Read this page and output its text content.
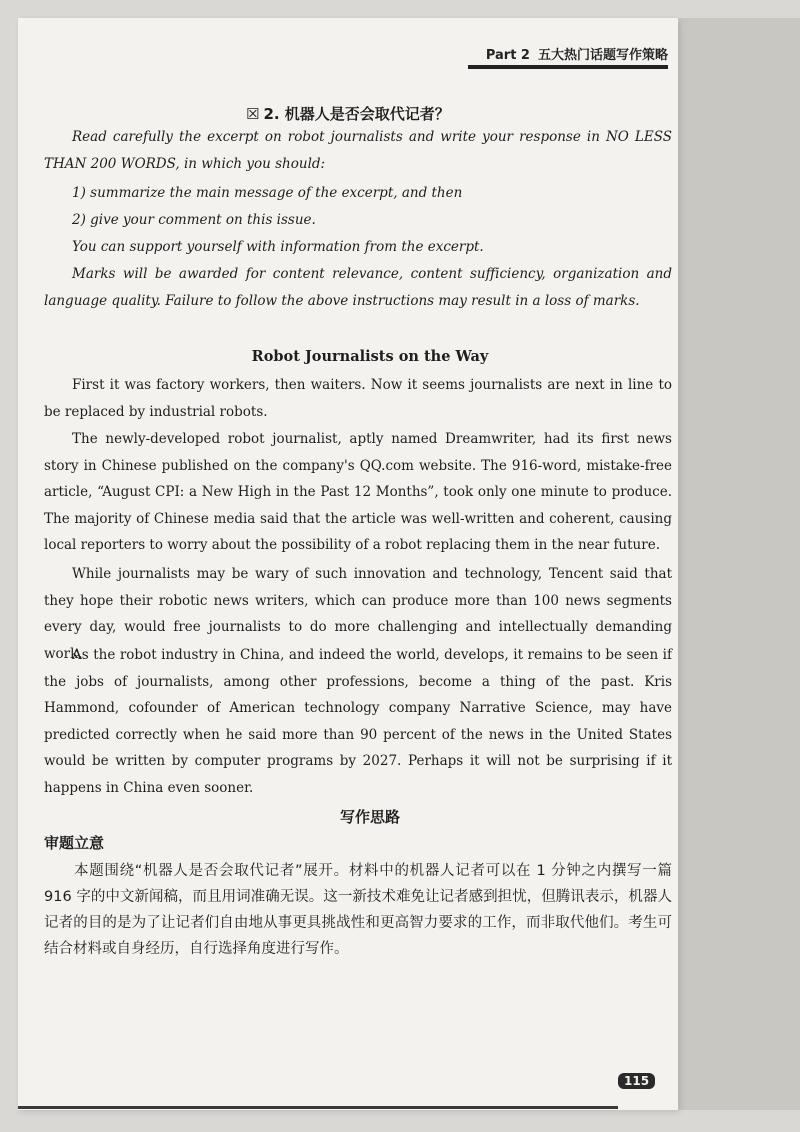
Part 2 五大热门话题写作策略
☒ 2. 机器人是否会取代记者？
Read carefully the excerpt on robot journalists and write your response in NO LESS THAN 200 WORDS, in which you should:
1) summarize the main message of the excerpt, and then
2) give your comment on this issue.
You can support yourself with information from the excerpt.
Marks will be awarded for content relevance, content sufficiency, organization and language quality. Failure to follow the above instructions may result in a loss of marks.
Robot Journalists on the Way
First it was factory workers, then waiters. Now it seems journalists are next in line to be replaced by industrial robots.
The newly-developed robot journalist, aptly named Dreamwriter, had its first news story in Chinese published on the company's QQ.com website. The 916-word, mistake-free article, “August CPI: a New High in the Past 12 Months”, took only one minute to produce. The majority of Chinese media said that the article was well-written and coherent, causing local reporters to worry about the possibility of a robot replacing them in the near future.
While journalists may be wary of such innovation and technology, Tencent said that they hope their robotic news writers, which can produce more than 100 news segments every day, would free journalists to do more challenging and intellectually demanding work.
As the robot industry in China, and indeed the world, develops, it remains to be seen if the jobs of journalists, among other professions, become a thing of the past. Kris Hammond, cofounder of American technology company Narrative Science, may have predicted correctly when he said more than 90 percent of the news in the United States would be written by computer programs by 2027. Perhaps it will not be surprising if it happens in China even sooner.
写作思路
审题立意
本题围绕“机器人是否会取代记者”展开。材料中的机器人记者可以在 1 分钟之内撰写一篇 916 字的中文新闻稿，而且用词准确无误。这一新技术难免让记者感到担忧，但腾讯表示，机器人记者的目的是为了让记者们自由地从事更具挑战性和更高智力要求的工作，而非取代他们。考生可结合材料或自身经历，自行选择角度进行写作。
115
